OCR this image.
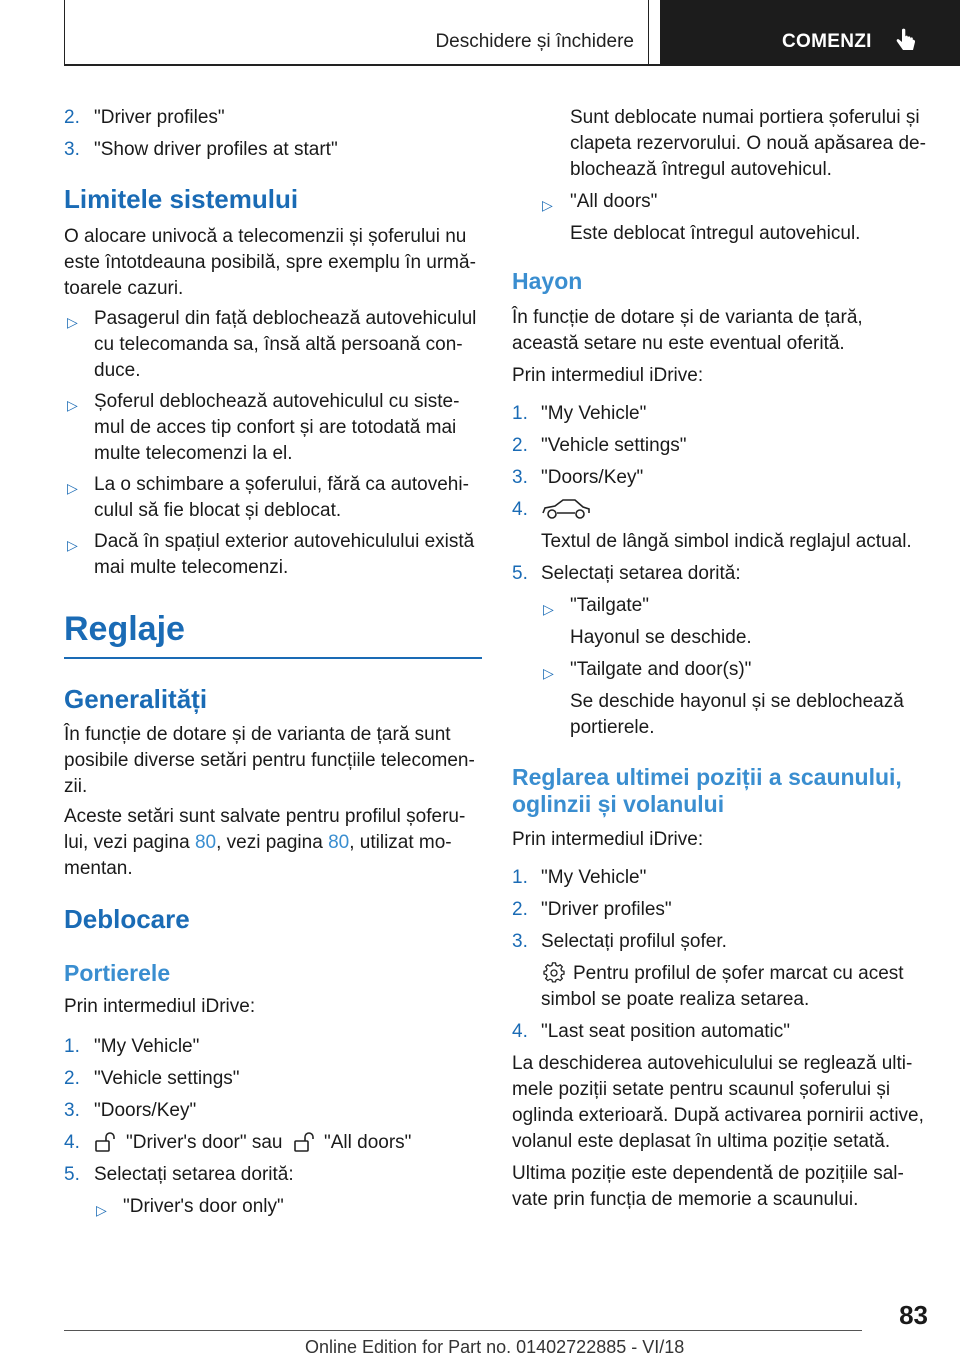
Deschidere și închidere	COMENZI
2. "Driver profiles"
3. "Show driver profiles at start"
Limitele sistemului
O alocare univocă a telecomenzii și șoferului nu
este întotdeauna posibilă, spre exemplu în urmă-
toarele cazuri.
▷ Pasagerul din față deblochează autovehiculul
cu telecomanda sa, însă altă persoană con-
duce.
▷ Șoferul deblochează autovehiculul cu siste-
mul de acces tip confort și are totodată mai
multe telecomenzi la el.
▷ La o schimbare a șoferului, fără ca autovehi-
culul să fie blocat și deblocat.
▷ Dacă în spațiul exterior autovehiculului există
mai multe telecomenzi.
Reglaje
Generalități
În funcție de dotare și de varianta de țară sunt
posibile diverse setări pentru funcțiile telecomen-
zii.
Aceste setări sunt salvate pentru profilul șoferu-
lui, vezi pagina 80, vezi pagina 80, utilizat mo-
mentan.
Deblocare
Portierele
Prin intermediul iDrive:
1. "My Vehicle"
2. "Vehicle settings"
3. "Doors/Key"
4. "Driver's door" sau "All doors"
5. Selectați setarea dorită:
▷ "Driver's door only"
Sunt deblocate numai portiera șoferului și
clapeta rezervorului. O nouă apăsarea de-
blochează întregul autovehicul.
▷ "All doors"
Este deblocat întregul autovehicul.
Hayon
În funcție de dotare și de varianta de țară,
această setare nu este eventual oferită.
Prin intermediul iDrive:
1. "My Vehicle"
2. "Vehicle settings"
3. "Doors/Key"
4.
Textul de lângă simbol indică reglajul actual.
5. Selectați setarea dorită:
▷ "Tailgate"
Hayonul se deschide.
▷ "Tailgate and door(s)"
Se deschide hayonul și se deblochează
portierele.
Reglarea ultimei poziții a scaunului,
oglinzii și volanului
Prin intermediul iDrive:
1. "My Vehicle"
2. "Driver profiles"
3. Selectați profilul șofer.
Pentru profilul de șofer marcat cu acest
simbol se poate realiza setarea.
4. "Last seat position automatic"
La deschiderea autovehiculului se reglează ulti-
mele poziții setate pentru scaunul șoferului și
oglinda exterioară. După activarea pornirii active,
volanul este deplasat în ultima poziție setată.
Ultima poziție este dependentă de pozițiile sal-
vate prin funcția de memorie a scaunului.
83
Online Edition for Part no. 01402722885 - VI/18
